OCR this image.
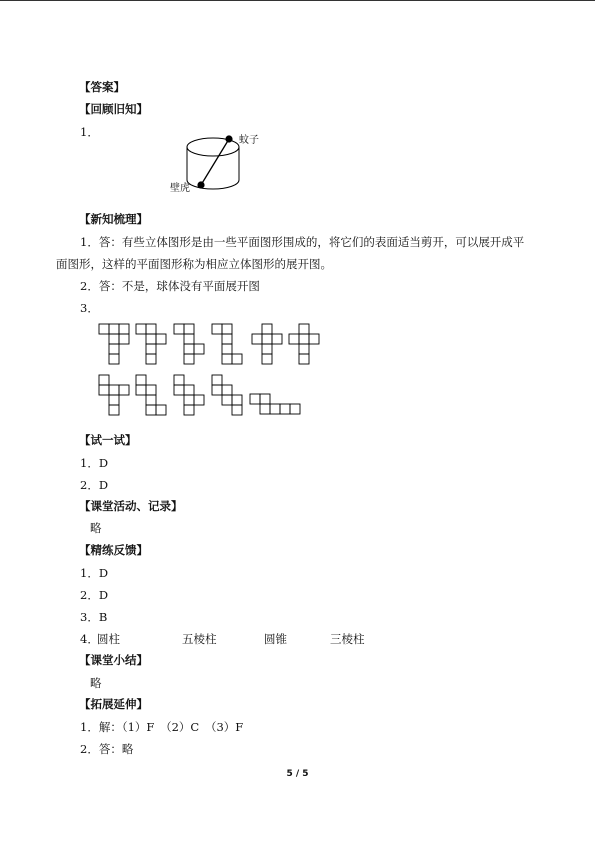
【答案】
【回顾旧知】
1．
蚊子
壁虎
【新知梳理】
1．答：有些立体图形是由一些平面图形围成的，将它们的表面适当剪开，可以展开成平
面图形，这样的平面图形称为相应立体图形的展开图。
2．答：不是，球体没有平面展开图
3．
【试一试】
1．D
2．D
【课堂活动、记录】
略
【精练反馈】
1．D
2．D
3．B
4．
圆柱	五棱柱	圆锥	三棱柱
【课堂小结】
略
【拓展延伸】
1．解：（1）F　（2）C　（3）F
2．答：略
5 / 5
